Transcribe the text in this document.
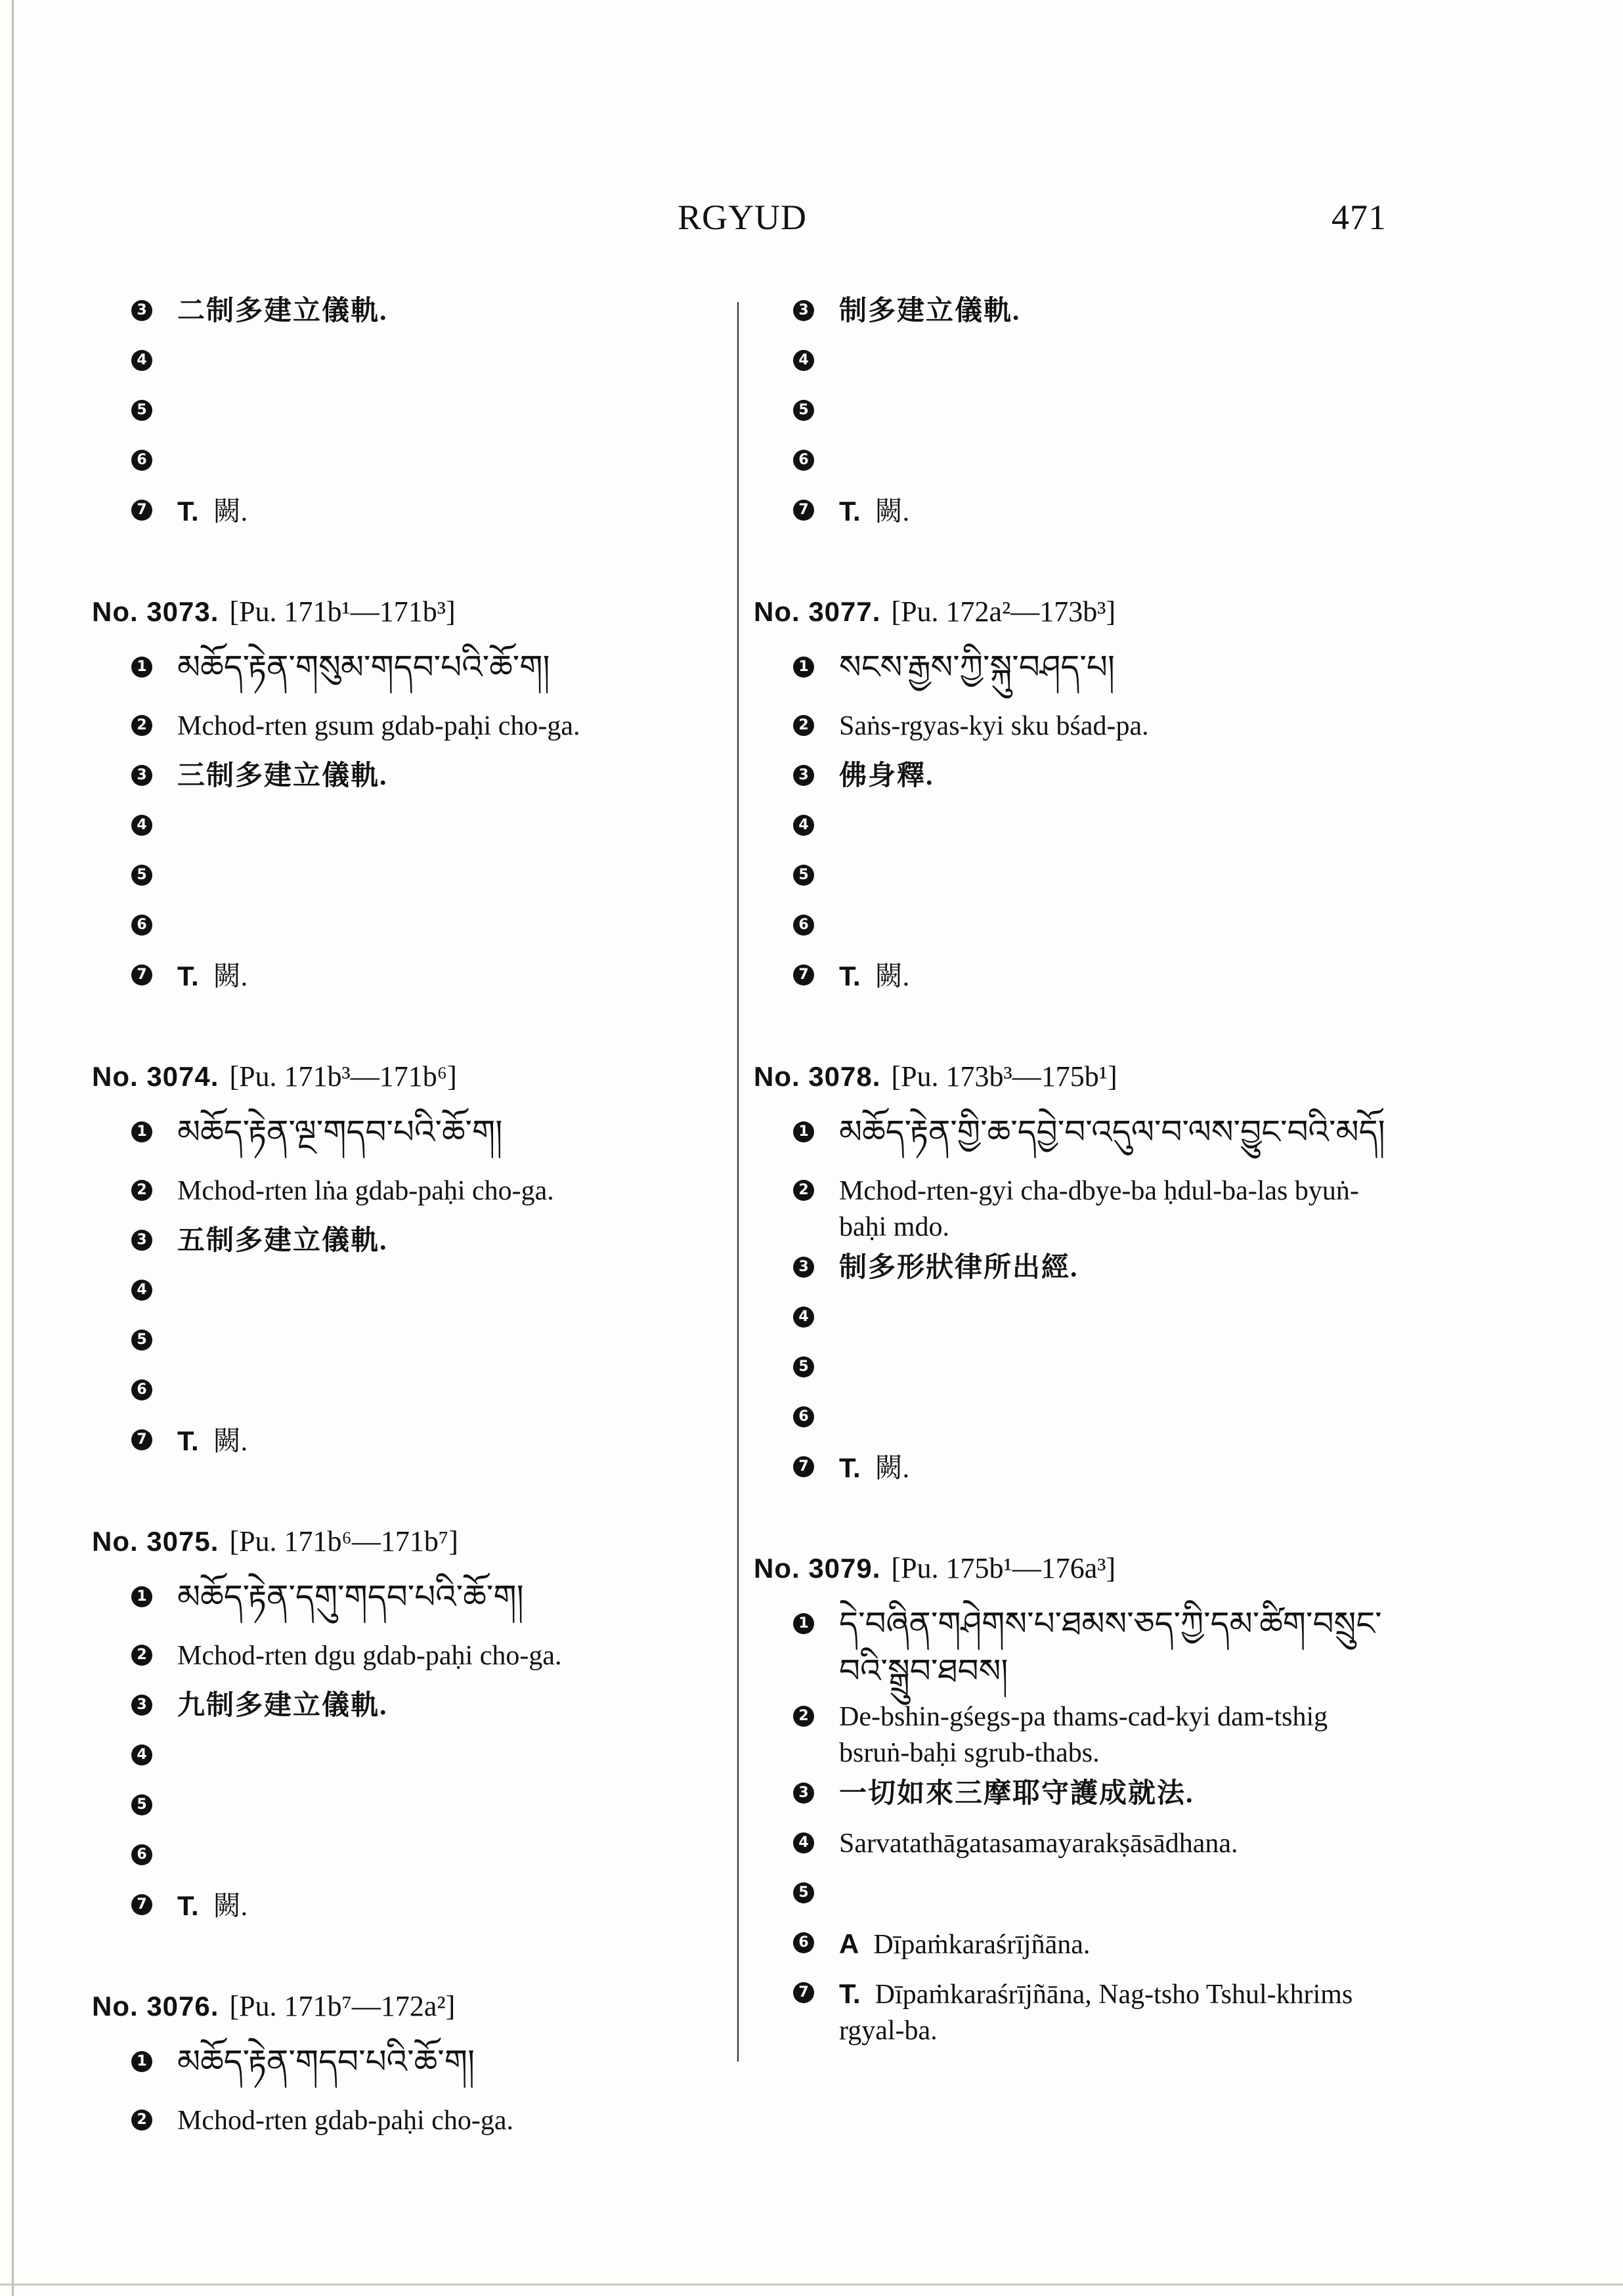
RGYUD	471
3 二制多建立儀軌.
4
5
6
7 T. 闕.
No. 3073. [Pu. 171b¹—171b³]
1 མཆོད་རྟེན་གསུམ་གདབ་པའི་ཆོ་ག།
2 Mchod-rten gsum gdab-paḥi cho-ga.
3 三制多建立儀軌.
4
5
6
7 T. 闕.
No. 3074. [Pu. 171b³—171b⁶]
1 མཆོད་རྟེན་ལྔ་གདབ་པའི་ཆོ་ག།
2 Mchod-rten lṅa gdab-paḥi cho-ga.
3 五制多建立儀軌.
4
5
6
7 T. 闕.
No. 3075. [Pu. 171b⁶—171b⁷]
1 མཆོད་རྟེན་དགུ་གདབ་པའི་ཆོ་ག།
2 Mchod-rten dgu gdab-paḥi cho-ga.
3 九制多建立儀軌.
4
5
6
7 T. 闕.
No. 3076. [Pu. 171b⁷—172a²]
1 མཆོད་རྟེན་གདབ་པའི་ཆོ་ག།
2 Mchod-rten gdab-paḥi cho-ga.
3 制多建立儀軌.
4
5
6
7 T. 闕.
No. 3077. [Pu. 172a²—173b³]
1 སངས་རྒྱས་ཀྱི་སྐུ་བཤད་པ།
2 Saṅs-rgyas-kyi sku bśad-pa.
3 佛身釋.
4
5
6
7 T. 闕.
No. 3078. [Pu. 173b³—175b¹]
1 མཆོད་རྟེན་གྱི་ཆ་དབྱེ་བ་འདུལ་བ་ལས་བྱུང་བའི་མདོ།
2 Mchod-rten-gyi cha-dbye-ba ḥdul-ba-las byuṅ-baḥi mdo.
3 制多形狀律所出經.
4
5
6
7 T. 闕.
No. 3079. [Pu. 175b¹—176a³]
1 དེ་བཞིན་གཤེགས་པ་ཐམས་ཅད་ཀྱི་དམ་ཚིག་བསྲུང་བའི་སྒྲུབ་ཐབས།
2 De-bshin-gśegs-pa thams-cad-kyi dam-tshig bsruṅ-baḥi sgrub-thabs.
3 一切如來三摩耶守護成就法.
4 Sarvatathāgatasamayarakṣāsādhana.
5
6 A Dīpaṁkaraśrījñāna.
7 T. Dīpaṁkaraśrījñāna, Nag-tsho Tshul-khrims rgyal-ba.
